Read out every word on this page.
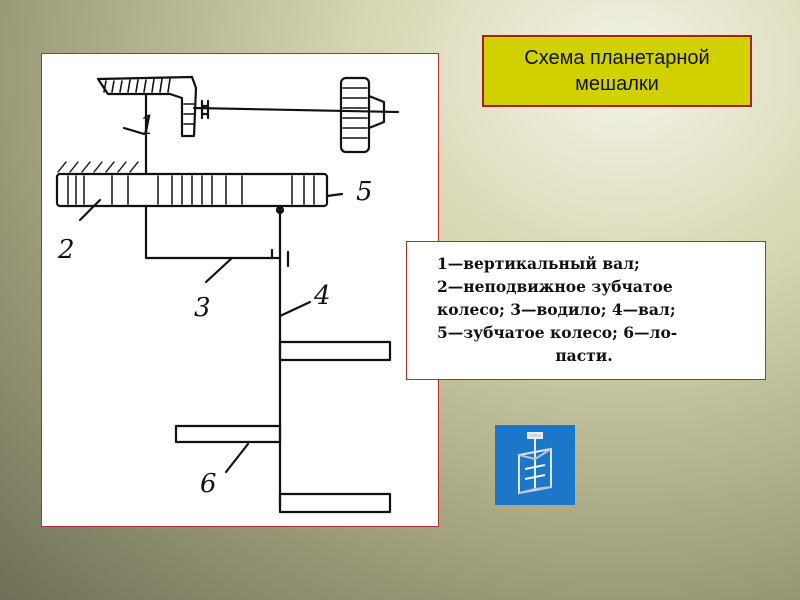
Схема планетарной
мешалки
1
2
3	4
5
6
1—вертикальный вал;
2—неподвижное зубчатое
колесо; 3—водило; 4—вал;
5—зубчатое колесо; 6—ло-
пасти.
